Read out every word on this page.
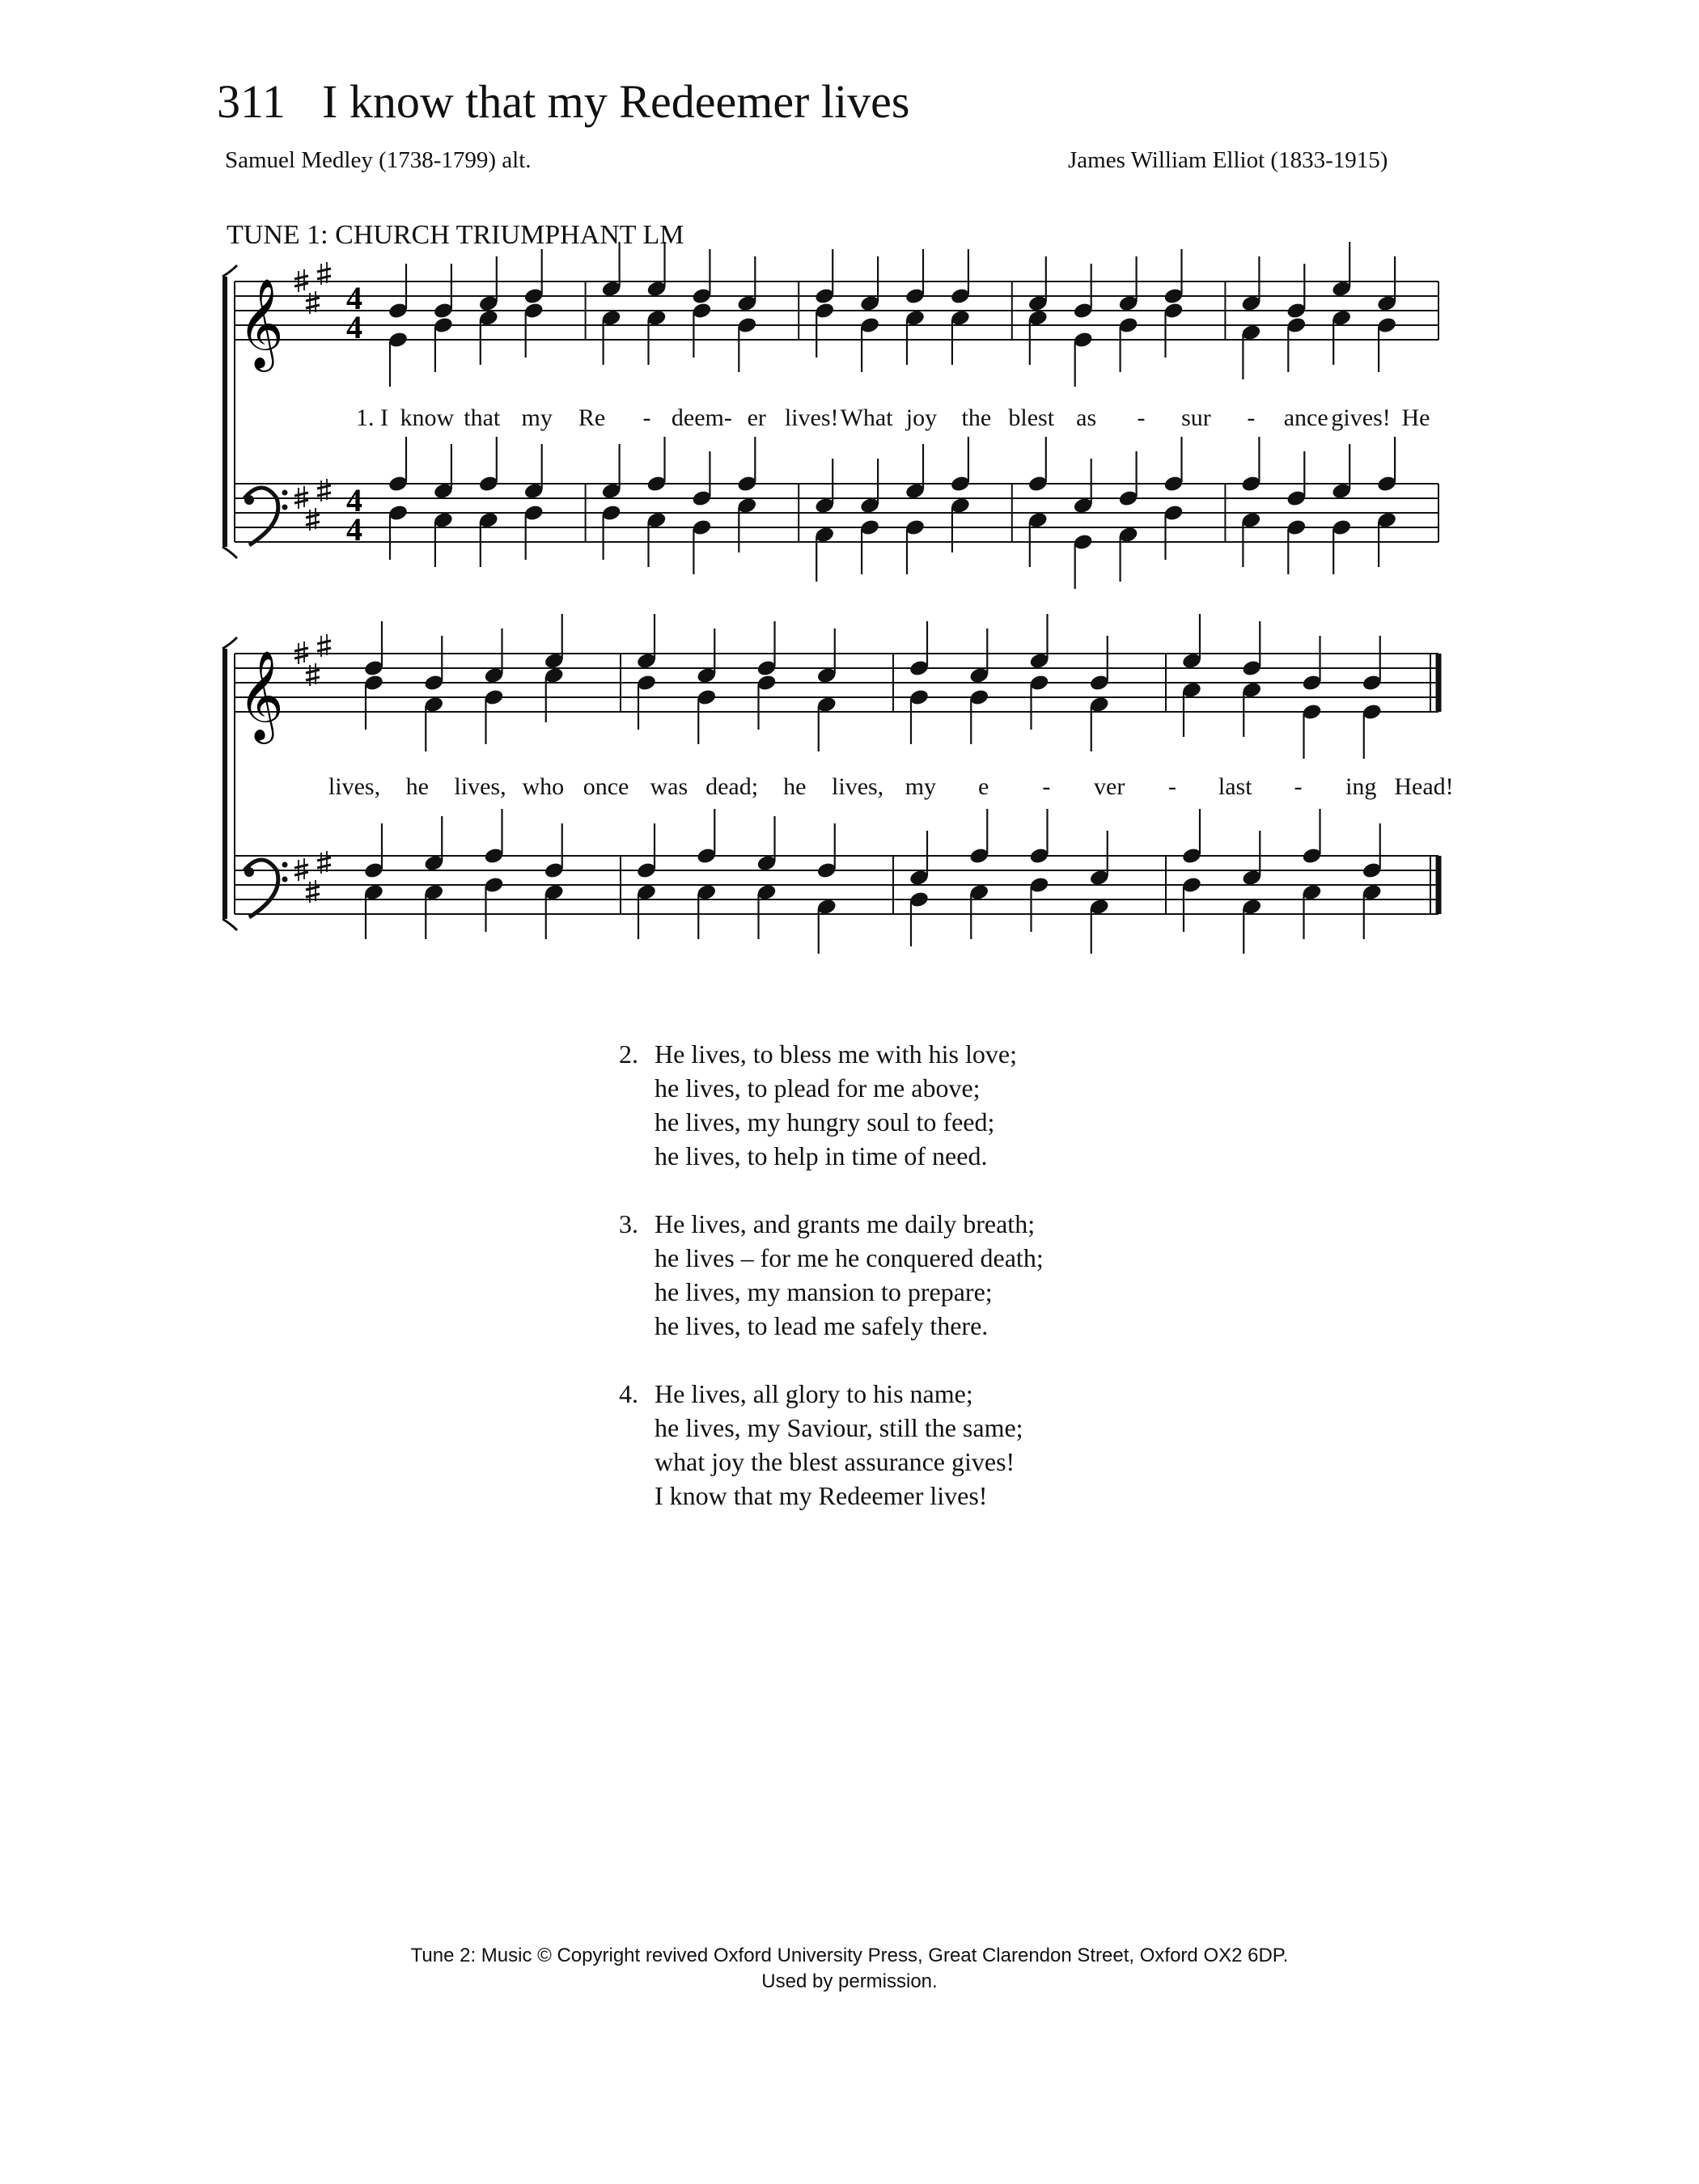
311 I know that my Redeemer lives
Samuel Medley (1738-1799) alt.	James William Elliot (1833-1915)
TUNE 1: CHURCH TRIUMPHANT LM
𝄞 4
4
4
4
𝄞
1. I know that my Re - deem- er lives! What joy the blest as - sur - ance gives! He
lives, he lives, who once was dead; he lives, my e - ver - last - ing Head!
2. He lives, to bless me with his love;
he lives, to plead for me above;
he lives, my hungry soul to feed;
he lives, to help in time of need.
3. He lives, and grants me daily breath;
he lives – for me he conquered death;
he lives, my mansion to prepare;
he lives, to lead me safely there.
4. He lives, all glory to his name;
he lives, my Saviour, still the same;
what joy the blest assurance gives!
I know that my Redeemer lives!
Tune 2: Music © Copyright revived Oxford University Press, Great Clarendon Street, Oxford OX2 6DP.
Used by permission.
